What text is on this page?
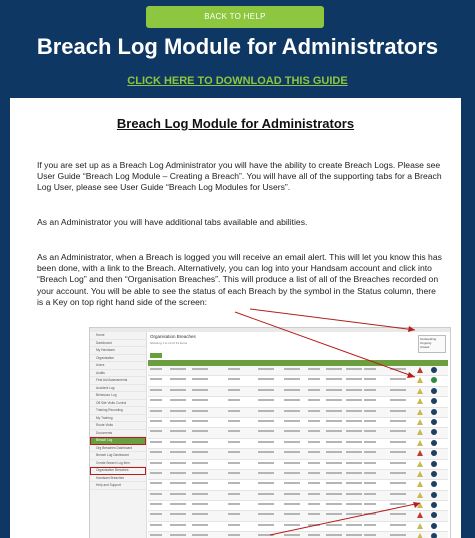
BACK TO HELP
Breach Log Module for Administrators
CLICK HERE TO DOWNLOAD THIS GUIDE
Breach Log Module for Administrators
If you are set up as a Breach Log Administrator you will have the ability to create Breach Logs. Please see User Guide “Breach Log Module – Creating a Breach”. You will have all of the supporting tabs for a Breach Log User, please see User Guide “Breach Log Modules for Users”.
As an Administrator you will have additional tabs available and abilities.
As an Administrator, when a Breach is logged you will receive an email alert. This will let you know this has been done, with a link to the Breach. Alternatively, you can log into your Handsam account and click into “Breach Log” and then “Organisation Breaches”. This will produce a list of all of the Breaches recorded on your account. You will be able to see the status of each Breach by the symbol in the Status column, there is a Key on top right hand side of the screen:
Home
Dashboard
My Handsam
Organisation
Users
Audits
First Aid Assessments
Accident Log
Behaviour Log
Off Site Visits Control
Training Recording
My Training
Route Visits
Documents
Breach Log
Org Breaches Dashboard
Breach Log Dashboard
Create Breach Log Item
Organisation Breaches
Handsam Breaches
Help and Support
Organisation Breaches
Showing 1 to 13 of 13 items
Outstanding
Ongoing
Closed
